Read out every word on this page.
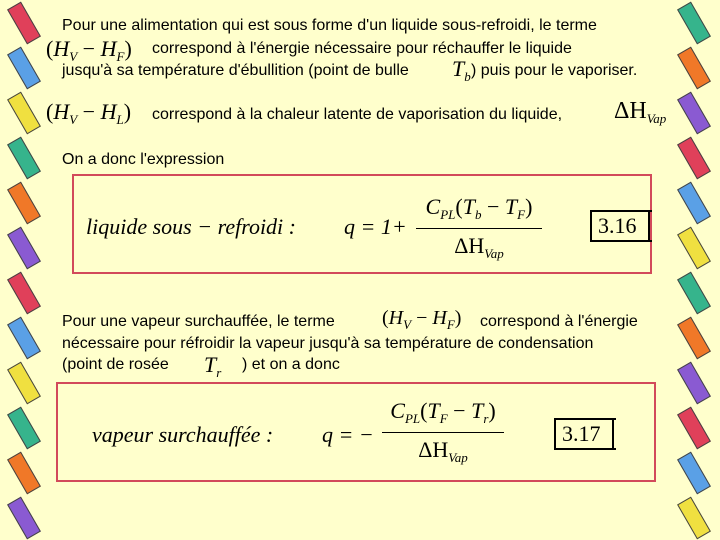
Pour une alimentation qui est sous forme d'un liquide sous-refroidi, le terme
$(H_V - H_F)$ correspond à l'énergie nécessaire pour réchauffer le liquide
jusqu'à sa température d'ébullition (point de bulle $T_b$ ) puis pour le vaporiser.
$(H_V - H_L)$ correspond à la chaleur latente de vaporisation du liquide, $\Delta H_{Vap}$
On a donc l'expression
liquide sous − refroidi : q = 1+
$C_{PL}(T_b - T_F)$
$\Delta H_{Vap}$
3.16
Pour une vapeur surchauffée, le terme $(H_V - H_F)$ correspond à l'énergie
nécessaire pour réfroidir la vapeur jusqu'à sa température de condensation
(point de rosée $T_r$ ) et on a donc
vapeur surchauffée : q = −
$C_{PL}(T_F - T_r)$
$\Delta H_{Vap}$
3.17
